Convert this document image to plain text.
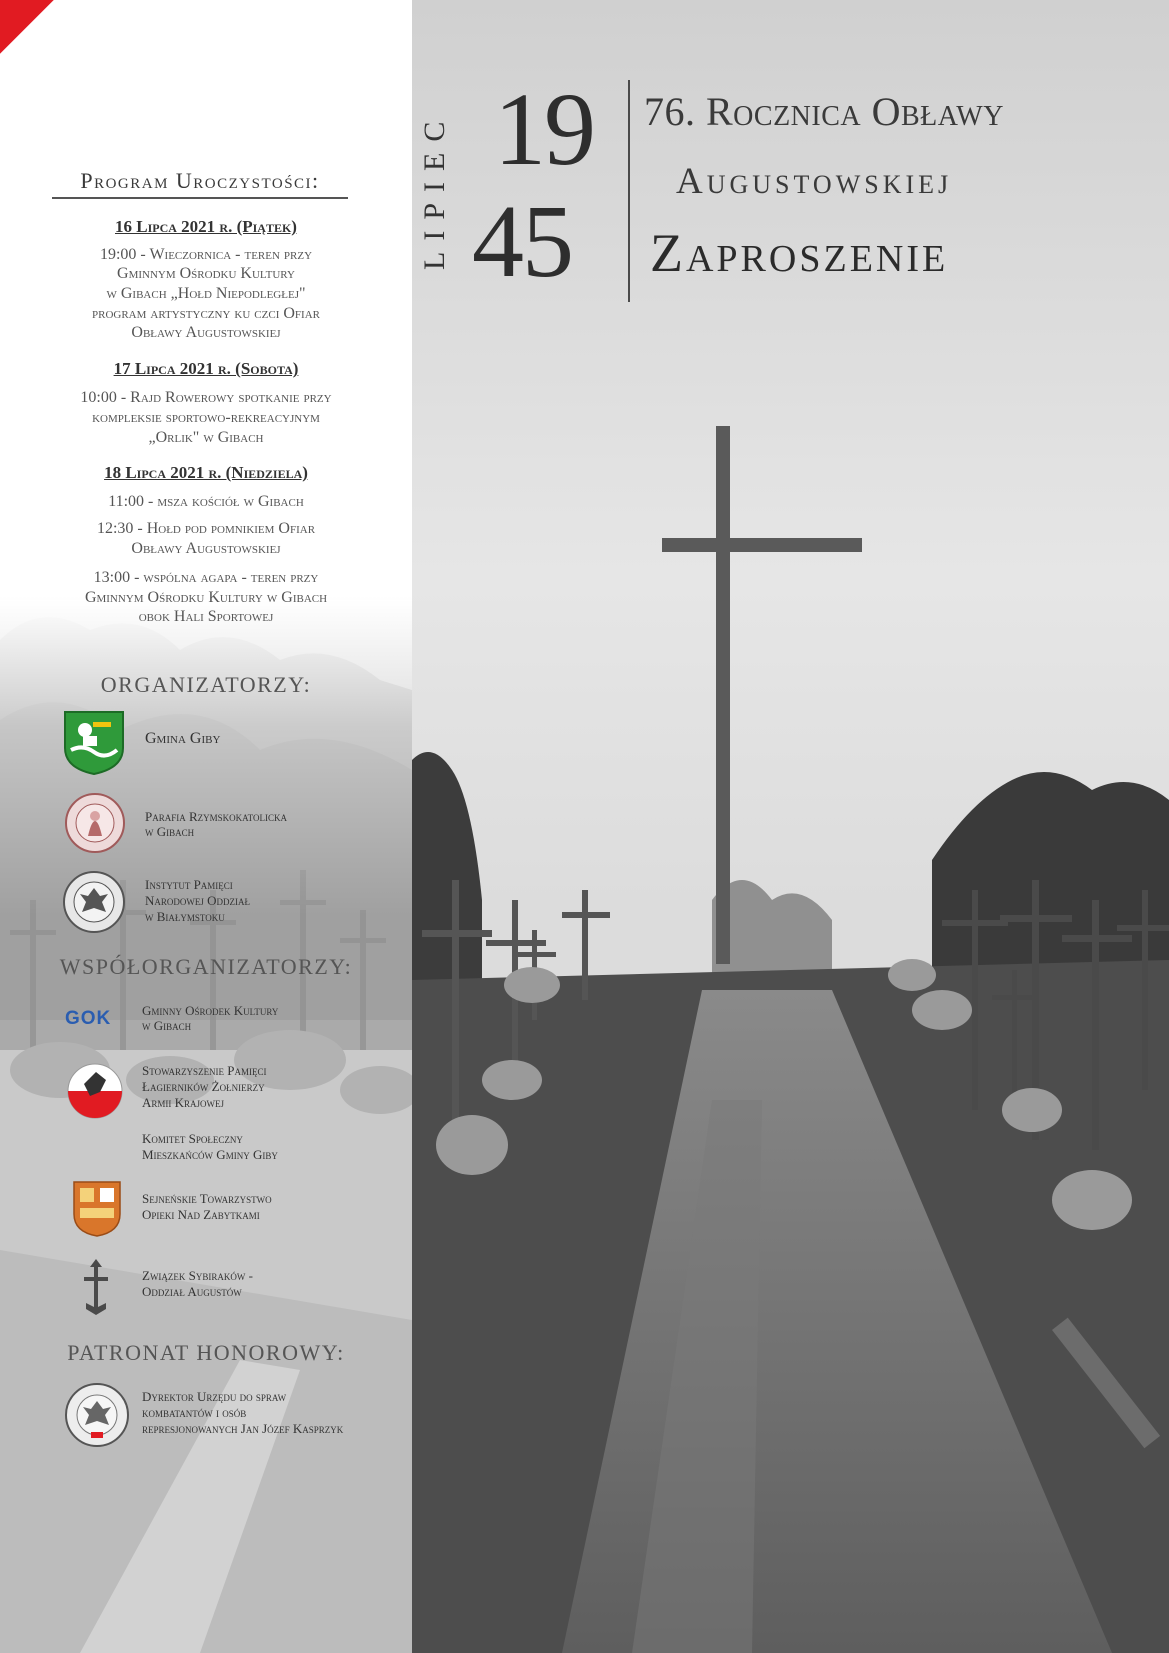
Program Uroczystości:
16 Lipca 2021 r. (Piątek)
19:00 - Wieczornica - teren przy
Gminnym Ośrodku Kultury
w Gibach „Hołd Niepodległej"
program artystyczny ku czci Ofiar
Obławy Augustowskiej
17 Lipca 2021 r. (Sobota)
10:00 - Rajd Rowerowy spotkanie przy
kompleksie sportowo-rekreacyjnym
„Orlik" w Gibach
18 Lipca 2021 r. (Niedziela)
11:00 - msza kościół w Gibach
12:30 - Hołd pod pomnikiem Ofiar
Obławy Augustowskiej
13:00 - wspólna agapa - teren przy
Gminnym Ośrodku Kultury w Gibach
obok Hali Sportowej
ORGANIZATORZY:
Gmina Giby
Parafia Rzymskokatolicka
w Gibach
Instytut Pamięci
Narodowej Oddział
w Białymstoku
WSPÓŁORGANIZATORZY:
GOK Gminny Ośrodek Kultury
w Gibach
Stowarzyszenie Pamięci
Łagierników Żołnierzy
Armii Krajowej
Komitet Społeczny
Mieszkańców Gminy Giby
Sejneńskie Towarzystwo
Opieki Nad Zabytkami
Związek Sybiraków -
Oddział Augustów
PATRONAT HONOROWY:
Dyrektor Urzędu do spraw
kombatantów i osób
represjonowanych Jan Józef Kasprzyk
LIPIEC 19
45
76. Rocznica Obławy
Augustowskiej
Zaproszenie
